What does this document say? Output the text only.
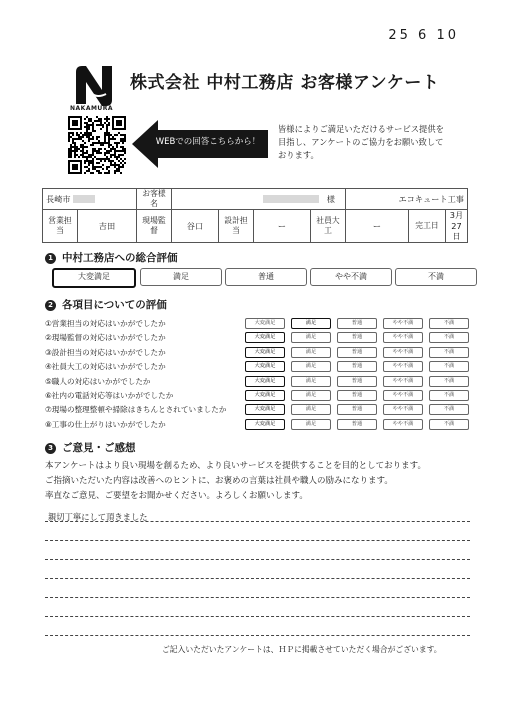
25 6 10
NAKAMURA
株式会社 中村工務店 お客様アンケート
WEBでの回答こちらから！
皆様によりご満足いただけるサービス提供を
目指し、アンケートのご協力をお願い致して
おります。
長崎市		お客様名	　様				エコキュート工事		
営業担当	吉田	現場監督	谷口	設計担当	ー	社員大工	ー	完工日	3月27日
1 中村工務店への総合評価
大変満足	満足	普通	やや不満	不満
2 各項目についての評価
①営業担当の対応はいかがでしたか	大変満足	満足	普通	やや不満	不満
②現場監督の対応はいかがでしたか	大変満足	満足	普通	やや不満	不満
③設計担当の対応はいかがでしたか	大変満足	満足	普通	やや不満	不満
④社員大工の対応はいかがでしたか	大変満足	満足	普通	やや不満	不満
⑤職人の対応はいかがでしたか	大変満足	満足	普通	やや不満	不満
⑥社内の電話対応等はいかがでしたか	大変満足	満足	普通	やや不満	不満
⑦現場の整理整頓や掃除はきちんとされていましたか	大変満足	満足	普通	やや不満	不満
⑧工事の仕上がりはいかがでしたか	大変満足	満足	普通	やや不満	不満
3 ご意見・ご感想
本アンケートはより良い現場を創るため、より良いサービスを提供することを目的としております。
ご指摘いただいた内容は改善へのヒントに、お褒めの言葉は社員や職人の励みになります。
率直なご意見、ご要望をお聞かせください。よろしくお願いします。
親切丁寧にして頂きました
ご記入いただいたアンケートは、ＨＰに掲載させていただく場合がございます。
